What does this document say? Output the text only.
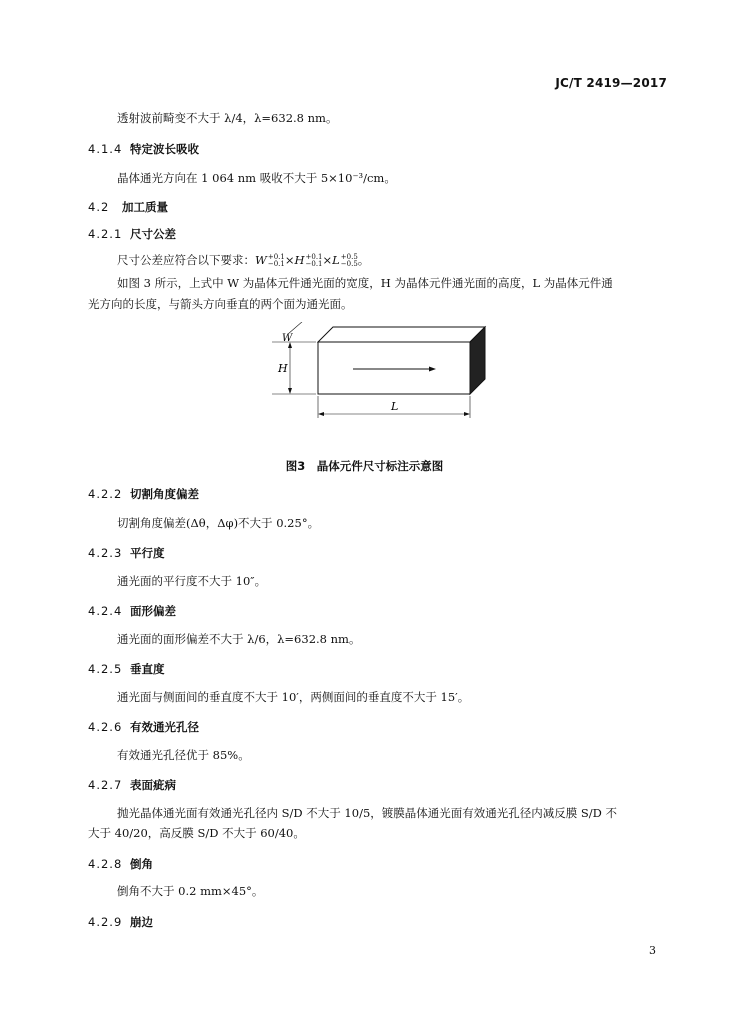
JC/T 2419—2017
透射波前畸变不大于 λ/4，λ=632.8 nm。
4.1.4 特定波长吸收
晶体通光方向在 1 064 nm 吸收不大于 5×10⁻³/cm。
4.2 加工质量
4.2.1 尺寸公差
尺寸公差应符合以下要求：W +0.1
−0.1 ×H +0.1
−0.1 ×L +0.5
−0.5 。
如图 3 所示，上式中 W 为晶体元件通光面的宽度，H 为晶体元件通光面的高度，L 为晶体元件通
光方向的长度，与箭头方向垂直的两个面为通光面。
H
W
L
图3　晶体元件尺寸标注示意图
4.2.2 切割角度偏差
切割角度偏差(Δθ，Δφ)不大于 0.25°。
4.2.3 平行度
通光面的平行度不大于 10″。
4.2.4 面形偏差
通光面的面形偏差不大于 λ/6，λ=632.8 nm。
4.2.5 垂直度
通光面与侧面间的垂直度不大于 10′，两侧面间的垂直度不大于 15′。
4.2.6 有效通光孔径
有效通光孔径优于 85%。
4.2.7 表面疵病
抛光晶体通光面有效通光孔径内 S/D 不大于 10/5，镀膜晶体通光面有效通光孔径内减反膜 S/D 不
大于 40/20，高反膜 S/D 不大于 60/40。
4.2.8 倒角
倒角不大于 0.2 mm×45°。
4.2.9 崩边
3
